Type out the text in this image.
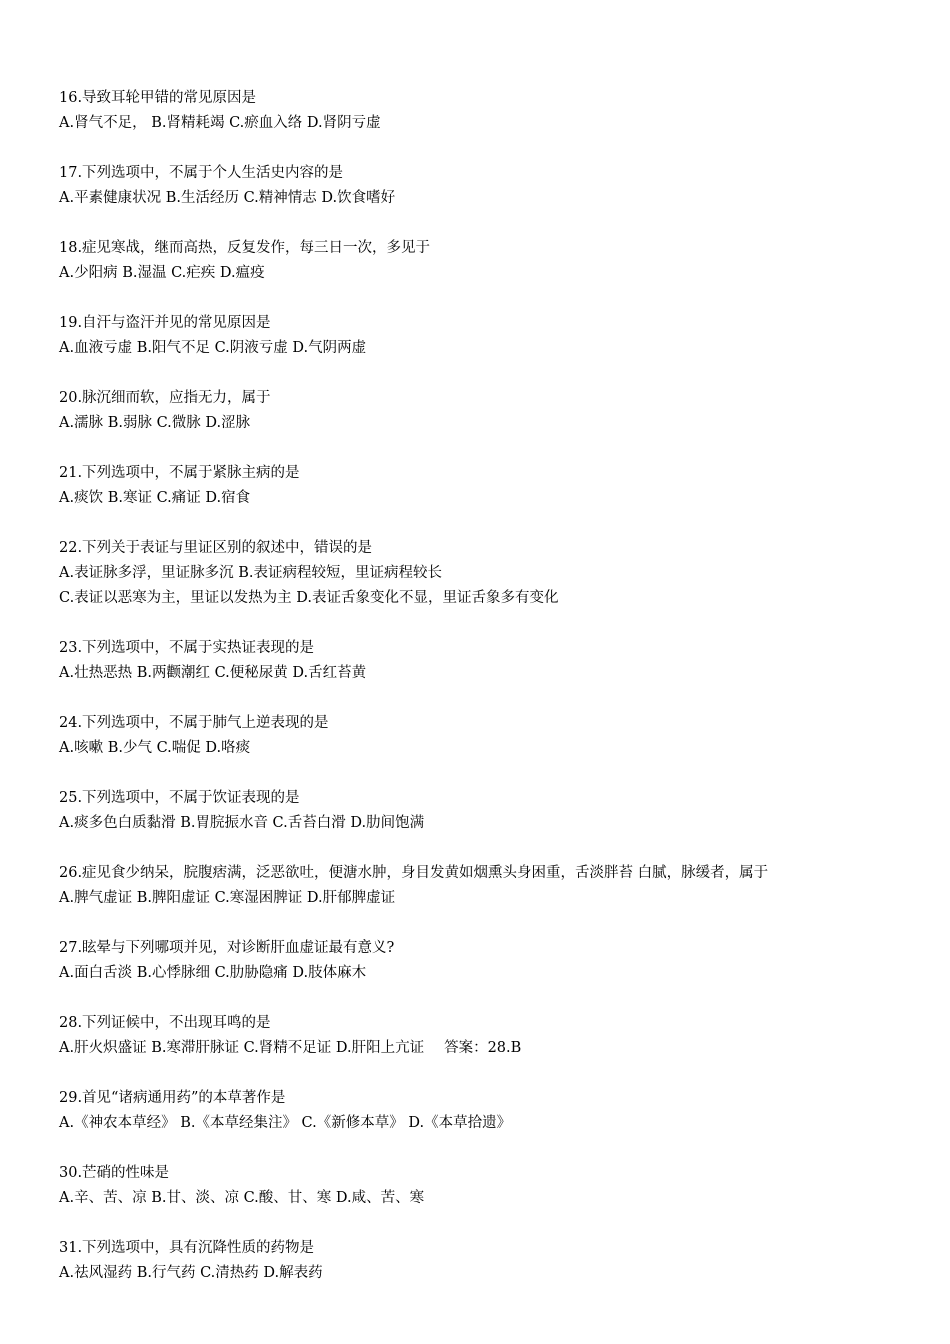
16.导致耳轮甲错的常见原因是
A.肾气不足， B.肾精耗竭 C.瘀血入络 D.肾阴亏虚
17.下列选项中，不属于个人生活史内容的是
A.平素健康状况 B.生活经历 C.精神情志 D.饮食嗜好
18.症见寒战，继而高热，反复发作，每三日一次，多见于
A.少阳病 B.湿温 C.疟疾 D.瘟疫
19.自汗与盗汗并见的常见原因是
A.血液亏虚 B.阳气不足 C.阴液亏虚 D.气阴两虚
20.脉沉细而软，应指无力，属于
A.濡脉 B.弱脉 C.微脉 D.涩脉
21.下列选项中，不属于紧脉主病的是
A.痰饮 B.寒证 C.痛证 D.宿食
22.下列关于表证与里证区别的叙述中，错误的是
A.表证脉多浮，里证脉多沉 B.表证病程较短，里证病程较长
C.表证以恶寒为主，里证以发热为主 D.表证舌象变化不显，里证舌象多有变化
23.下列选项中，不属于实热证表现的是
A.壮热恶热 B.两颧潮红 C.便秘尿黄 D.舌红苔黄
24.下列选项中，不属于肺气上逆表现的是
A.咳嗽 B.少气 C.喘促 D.咯痰
25.下列选项中，不属于饮证表现的是
A.痰多色白质黏滑 B.胃脘振水音 C.舌苔白滑 D.肋间饱满
26.症见食少纳呆，脘腹痞满，泛恶欲吐，便溏水肿，身目发黄如烟熏头身困重，舌淡胖苔 白腻，脉缓者，属于
A.脾气虚证 B.脾阳虚证 C.寒湿困脾证 D.肝郁脾虚证
27.眩晕与下列哪项并见，对诊断肝血虚证最有意义?
A.面白舌淡 B.心悸脉细 C.肋胁隐痛 D.肢体麻木
28.下列证候中，不出现耳鸣的是
A.肝火炽盛证 B.寒滞肝脉证 C.肾精不足证 D.肝阳上亢证 答案：28.B
29.首见“诸病通用药”的本草著作是
A.《神农本草经》 B.《本草经集注》 C.《新修本草》 D.《本草拾遗》
30.芒硝的性味是
A.辛、苦、凉 B.甘、淡、凉 C.酸、甘、寒 D.咸、苦、寒
31.下列选项中，具有沉降性质的药物是
A.祛风湿药 B.行气药 C.清热药 D.解表药
